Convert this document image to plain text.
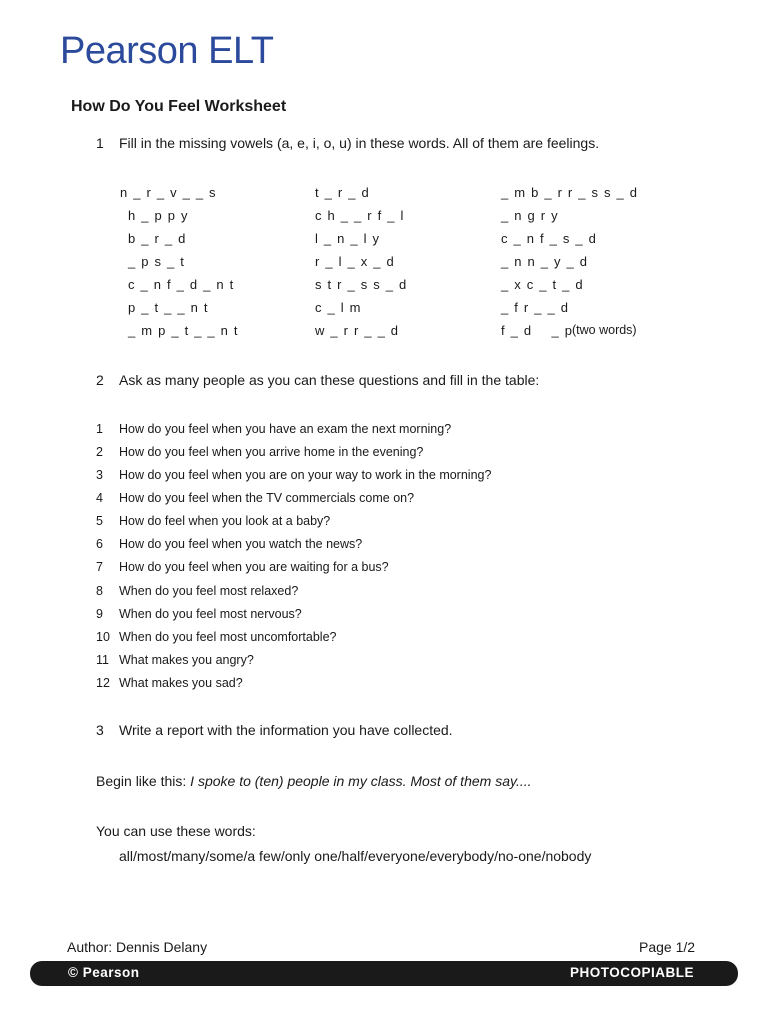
Pearson ELT
How Do You Feel Worksheet
1 Fill in the missing vowels (a, e, i, o, u) in these words. All of them are feelings.
n _ r _ v _ _ s
h _ p p y
b _ r _ d
_ p s _ t
c _ n f _ d _ n t
p _ t _ _ n t
_ m p _ t _ _ n t
t _ r _ d
c h _ _ r f _ l
l _ n _ l y
r _ l _ x _ d
s t r _ s s _ d
c _ l m
w _ r r _ _ d
_ m b _ r r _ s s _ d
_ n g r y
c _ n f _ s _ d
_ n n _ y _ d
_ x c _ t _ d
_ f r _ _ d
f _ d    _ p
(two words)
2 Ask as many people as you can these questions and fill in the table:
1 How do you feel when you have an exam the next morning?
2 How do you feel when you arrive home in the evening?
3 How do you feel when you are on your way to work in the morning?
4 How do you feel when the TV commercials come on?
5 How do feel when you look at a baby?
6 How do you feel when you watch the news?
7 How do you feel when you are waiting for a bus?
8 When do you feel most relaxed?
9 When do you feel most nervous?
10 When do you feel most uncomfortable?
11 What makes you angry?
12 What makes you sad?
3 Write a report with the information you have collected.
Begin like this: I spoke to (ten) people in my class. Most of them say....
You can use these words:
all/most/many/some/a few/only one/half/everyone/everybody/no-one/nobody
Author: Dennis Delany	Page 1/2
© Pearson	PHOTOCOPIABLE
